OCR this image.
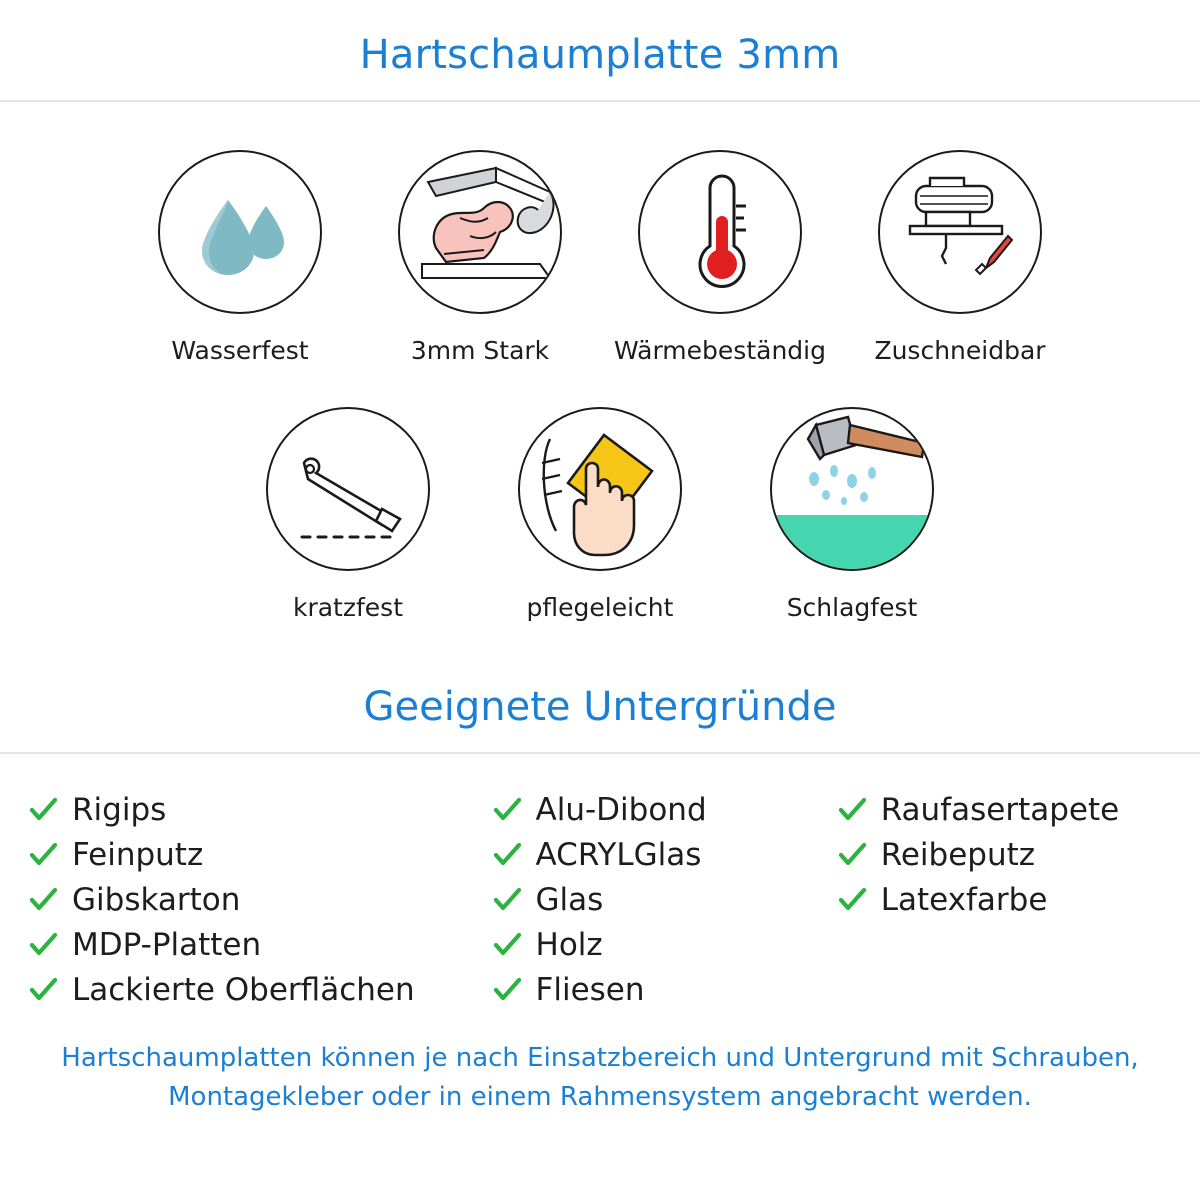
Hartschaumplatte 3mm
Wasserfest	3mm Stark	Wärmebeständig Zuschneidbar
kratzfest	pflegeleicht	Schlagfest
Geeignete Untergründe
Rigips
Feinputz
Gibskarton
MDP-Platten
Lackierte Oberflächen
Alu-Dibond
ACRYLGlas
Glas
Holz
Fliesen
Raufasertapete
Reibeputz
Latexfarbe
Hartschaumplatten können je nach Einsatzbereich und Untergrund mit Schrauben, Montagekleber oder in einem Rahmensystem angebracht werden.
